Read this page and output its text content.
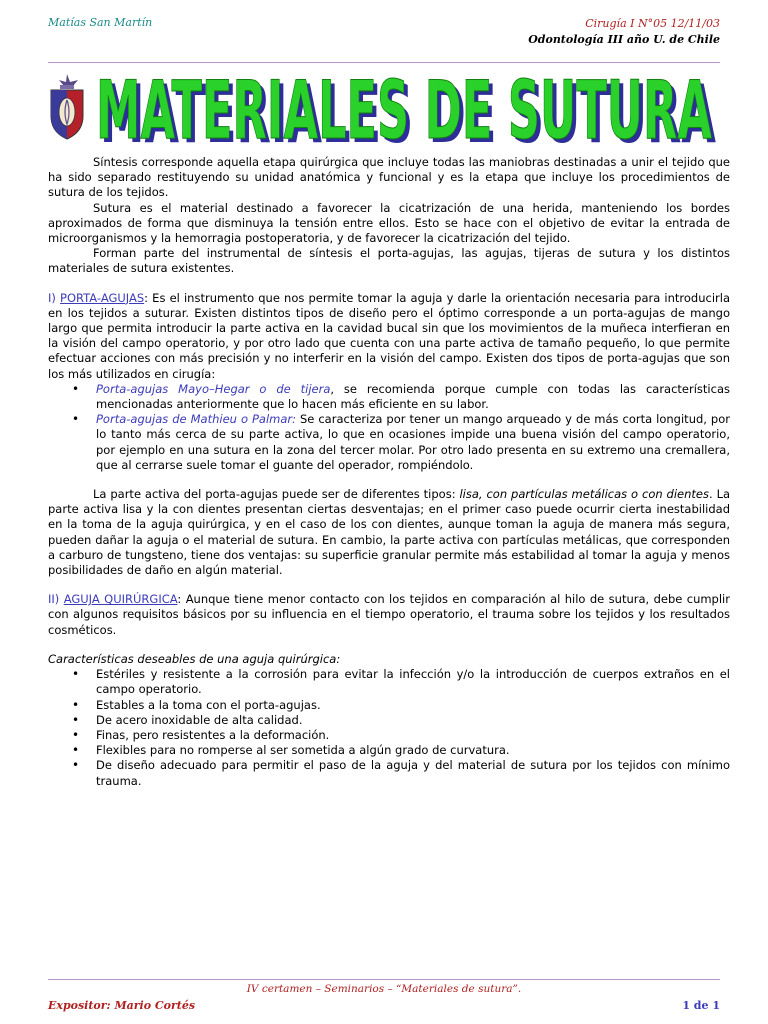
Matías San Martín	Cirugía I N°05 12/11/03
Odontología III año U. de Chile
MATERIALES DE SUTURA
MATERIALES DE SUTURA

Síntesis corresponde aquella etapa quirúrgica que incluye todas las maniobras destinadas a unir el tejido que ha sido separado restituyendo su unidad anatómica y funcional y es la etapa que incluye los procedimientos de sutura de los tejidos.

Sutura es el material destinado a favorecer la cicatrización de una herida, manteniendo los bordes aproximados de forma que disminuya la tensión entre ellos. Esto se hace con el objetivo de evitar la entrada de microorganismos y la hemorragia postoperatoria, y de favorecer la cicatrización del tejido.

Forman parte del instrumental de síntesis el porta-agujas, las agujas, tijeras de sutura y los distintos materiales de sutura existentes.

I) PORTA-AGUJAS: Es el instrumento que nos permite tomar la aguja y darle la orientación necesaria para introducirla en los tejidos a suturar. Existen distintos tipos de diseño pero el óptimo corresponde a un porta-agujas de mango largo que permita introducir la parte activa en la cavidad bucal sin que los movimientos de la muñeca interfieran en la visión del campo operatorio, y por otro lado que cuenta con una parte activa de tamaño pequeño, lo que permite efectuar acciones con más precisión y no interferir en la visión del campo. Existen dos tipos de porta-agujas que son los más utilizados en cirugía:

• Porta-agujas Mayo–Hegar o de tijera, se recomienda porque cumple con todas las características mencionadas anteriormente que lo hacen más eficiente en su labor.
• Porta-agujas de Mathieu o Palmar: Se caracteriza por tener un mango arqueado y de más corta longitud, por lo tanto más cerca de su parte activa, lo que en ocasiones impide una buena visión del campo operatorio, por ejemplo en una sutura en la zona del tercer molar. Por otro lado presenta en su extremo una cremallera, que al cerrarse suele tomar el guante del operador, rompiéndolo.

La parte activa del porta-agujas puede ser de diferentes tipos: lisa, con partículas metálicas o con dientes. La parte activa lisa y la con dientes presentan ciertas desventajas; en el primer caso puede ocurrir cierta inestabilidad en la toma de la aguja quirúrgica, y en el caso de los con dientes, aunque toman la aguja de manera más segura, pueden dañar la aguja o el material de sutura. En cambio, la parte activa con partículas metálicas, que corresponden a carburo de tungsteno, tiene dos ventajas: su superficie granular permite más estabilidad al tomar la aguja y menos posibilidades de daño en algún material.

II) AGUJA QUIRÚRGICA: Aunque tiene menor contacto con los tejidos en comparación al hilo de sutura, debe cumplir con algunos requisitos básicos por su influencia en el tiempo operatorio, el trauma sobre los tejidos y los resultados cosméticos.

Características deseables de una aguja quirúrgica:

• Estériles y resistente a la corrosión para evitar la infección y/o la introducción de cuerpos extraños en el campo operatorio.
• Estables a la toma con el porta-agujas.
• De acero inoxidable de alta calidad.
• Finas, pero resistentes a la deformación.
• Flexibles para no romperse al ser sometida a algún grado de curvatura.
• De diseño adecuado para permitir el paso de la aguja y del material de sutura por los tejidos con mínimo trauma.
IV certamen – Seminarios – “Materiales de sutura”.
Expositor: Mario Cortés	1 de 1
